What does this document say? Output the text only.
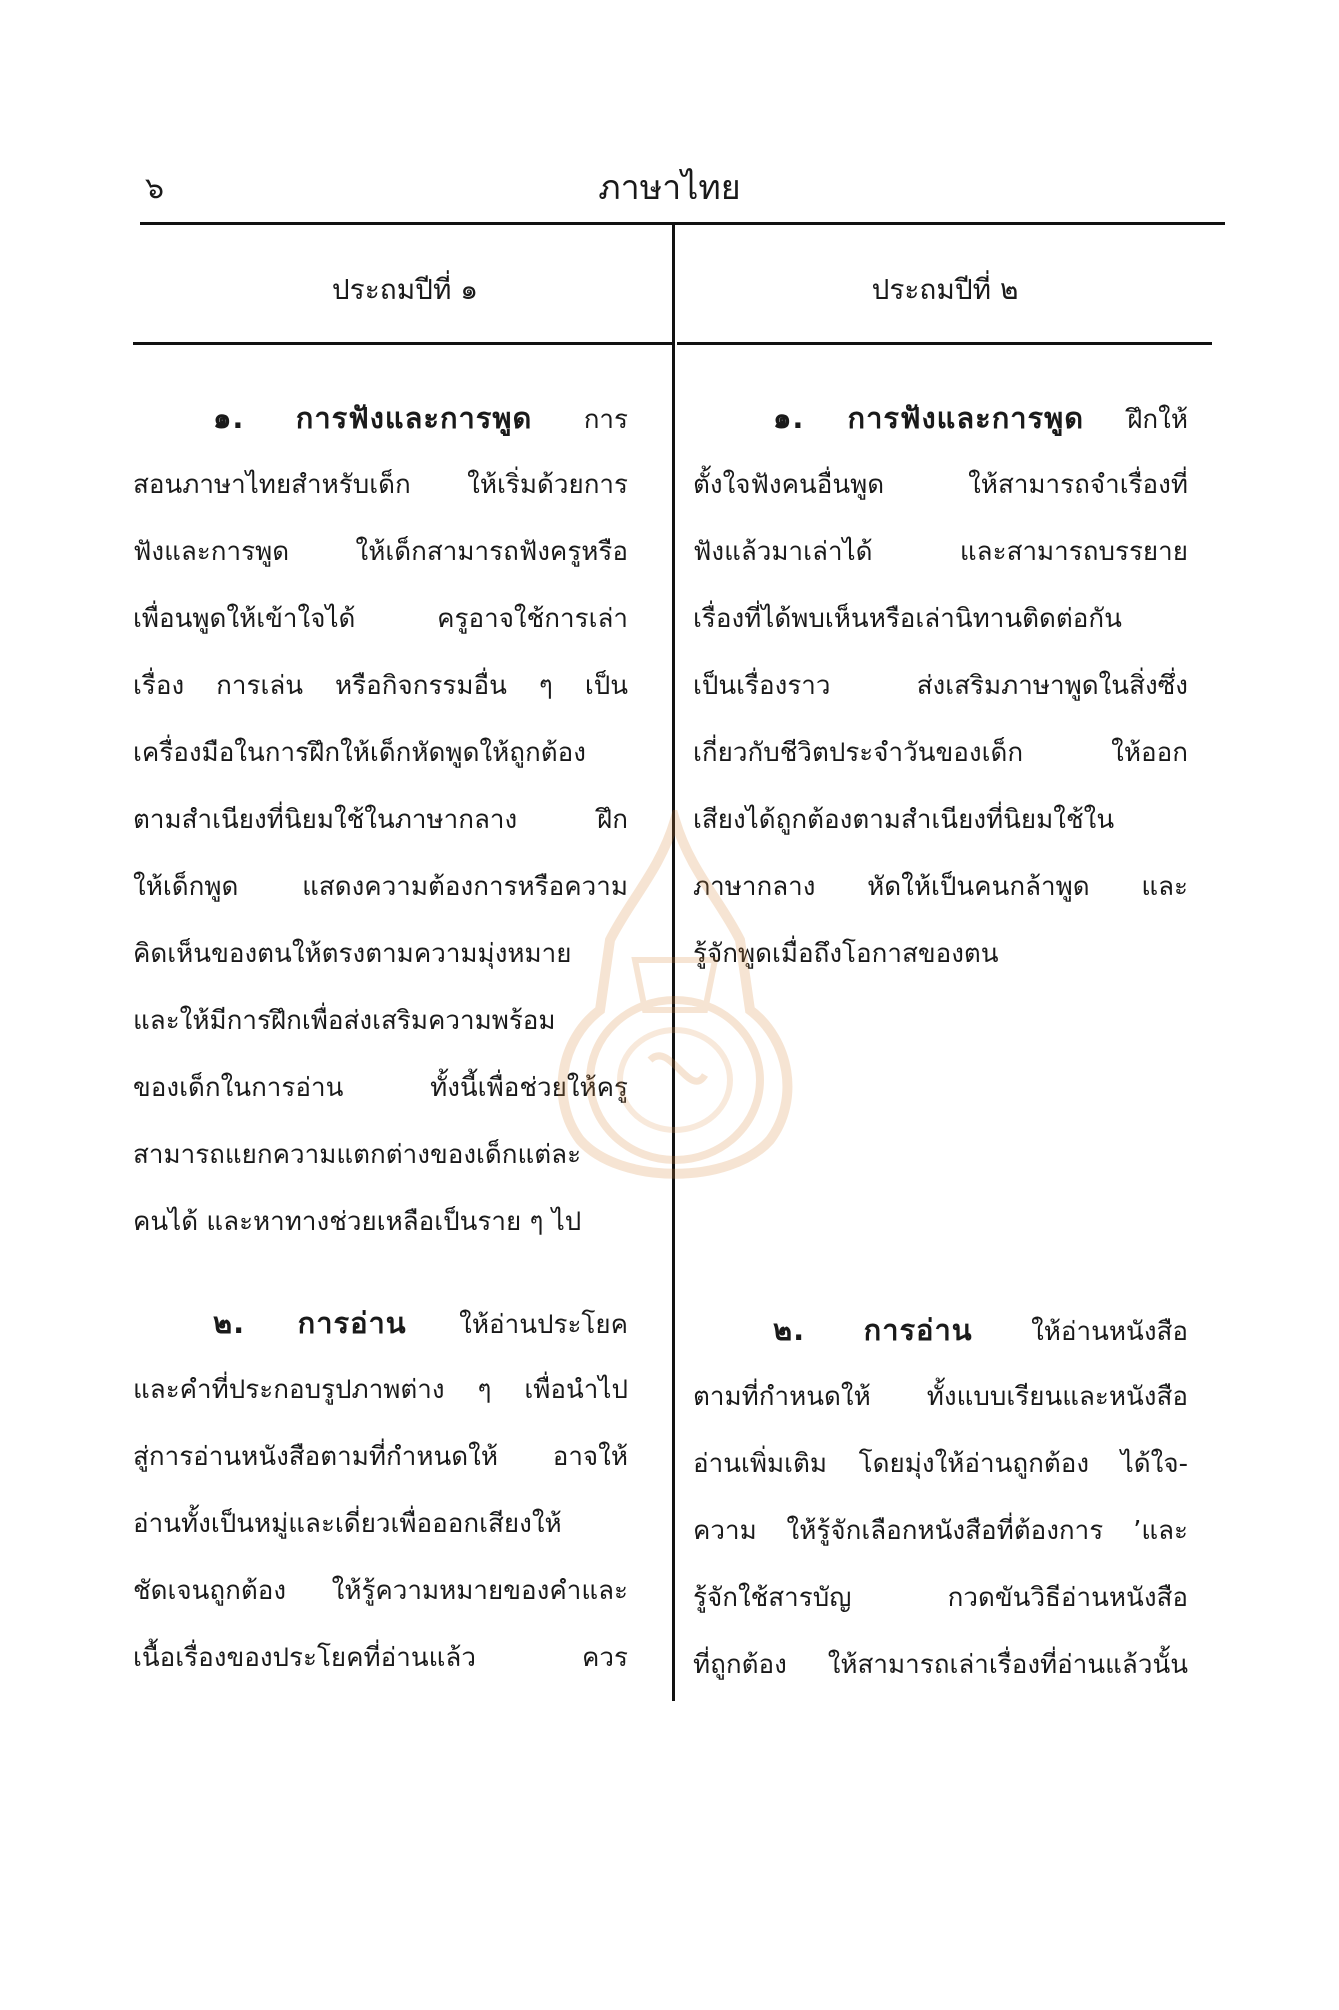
๖	ภาษาไทย
ประถมปีที่ ๑	ประถมปีที่ ๒
๑. การฟังและการพูด การ
สอนภาษาไทยสำหรับเด็ก ให้เริ่มด้วยการ
ฟังและการพูด ให้เด็กสามารถฟังครูหรือ
เพื่อนพูดให้เข้าใจได้ ครูอาจใช้การเล่า
เรื่อง การเล่น หรือกิจกรรมอื่น ๆ เป็น
เครื่องมือในการฝึกให้เด็กหัดพูดให้ถูกต้อง
ตามสำเนียงที่นิยมใช้ในภาษากลาง ฝึก
ให้เด็กพูด แสดงความต้องการหรือความ
คิดเห็นของตนให้ตรงตามความมุ่งหมาย
และให้มีการฝึกเพื่อส่งเสริมความพร้อม
ของเด็กในการอ่าน ทั้งนี้เพื่อช่วยให้ครู
สามารถแยกความแตกต่างของเด็กแต่ละ
คนได้ และหาทางช่วยเหลือเป็นราย ๆ ไป
๒. การอ่าน ให้อ่านประโยค
และคำที่ประกอบรูปภาพต่าง ๆ เพื่อนำไป
สู่การอ่านหนังสือตามที่กำหนดให้ อาจให้
อ่านทั้งเป็นหมู่และเดี่ยวเพื่อออกเสียงให้
ชัดเจนถูกต้อง ให้รู้ความหมายของคำและ
เนื้อเรื่องของประโยคที่อ่านแล้ว ควร
๑. การฟังและการพูด ฝึกให้
ตั้งใจฟังคนอื่นพูด ให้สามารถจำเรื่องที่
ฟังแล้วมาเล่าได้ และสามารถบรรยาย
เรื่องที่ได้พบเห็นหรือเล่านิทานติดต่อกัน
เป็นเรื่องราว ส่งเสริมภาษาพูดในสิ่งซึ่ง
เกี่ยวกับชีวิตประจำวันของเด็ก ให้ออก
เสียงได้ถูกต้องตามสำเนียงที่นิยมใช้ใน
ภาษากลาง หัดให้เป็นคนกล้าพูด และ
รู้จักพูดเมื่อถึงโอกาสของตน
๒. การอ่าน ให้อ่านหนังสือ
ตามที่กำหนดให้ ทั้งแบบเรียนและหนังสือ
อ่านเพิ่มเติม โดยมุ่งให้อ่านถูกต้อง ได้ใจ-
ความ ให้รู้จักเลือกหนังสือที่ต้องการ ʼและ
รู้จักใช้สารบัญ กวดขันวิธีอ่านหนังสือ
ที่ถูกต้อง ให้สามารถเล่าเรื่องที่อ่านแล้วนั้น
